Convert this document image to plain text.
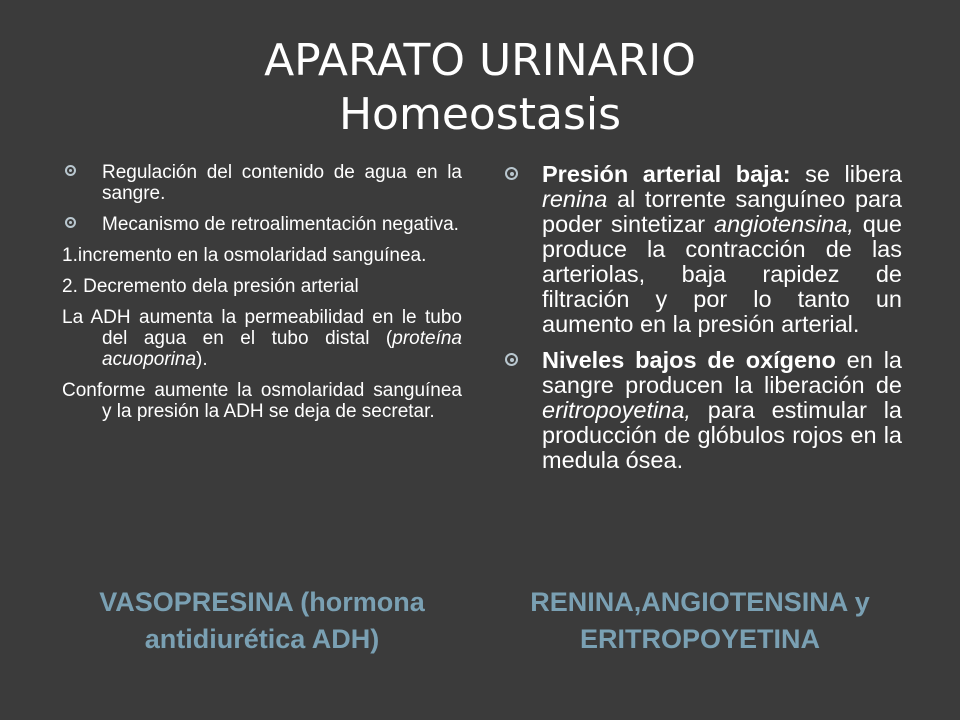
APARATO URINARIO
Homeostasis
Regulación del contenido de agua en la sangre.
Mecanismo de retroalimentación negativa.
1.incremento en la osmolaridad sanguínea.
2. Decremento dela presión arterial
La ADH aumenta la permeabilidad en le tubo del agua en el tubo distal (proteína acuoporina).
Conforme aumente la osmolaridad sanguínea y la presión la ADH se deja de secretar.
Presión arterial baja: se libera renina al torrente sanguíneo para poder sintetizar angiotensina, que produce la contracción de las arteriolas, baja rapidez de filtración y por lo tanto un aumento en la presión arterial.
Niveles bajos de oxígeno en la sangre producen la liberación de eritropoyetina, para estimular la producción de glóbulos rojos en la medula ósea.
VASOPRESINA (hormona antidiurética ADH)
RENINA,ANGIOTENSINA y ERITROPOYETINA
